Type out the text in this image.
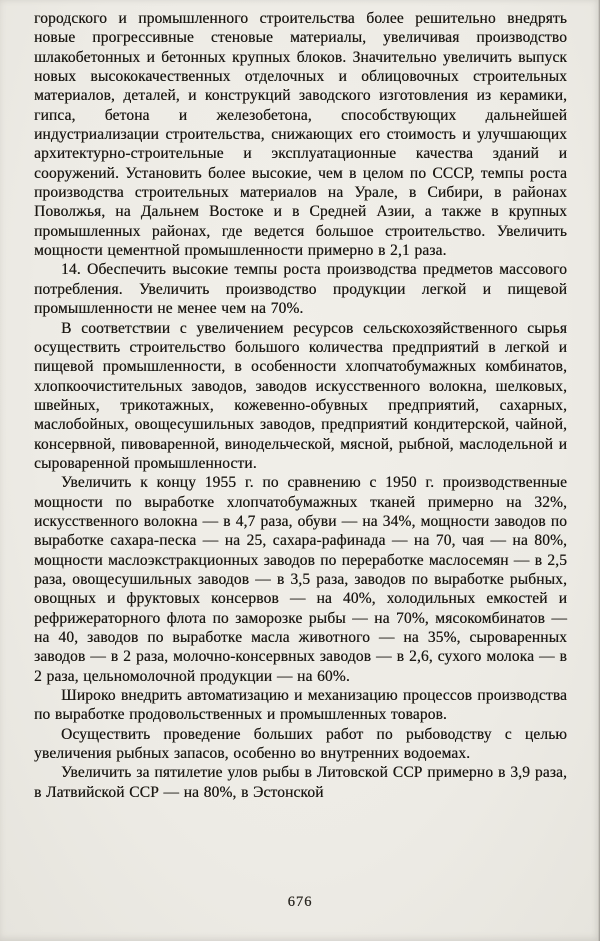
городского и промышленного строительства более решительно внедрять новые прогрессивные стеновые материалы, увеличивая производство шлакобетонных и бетонных крупных блоков. Значительно увеличить выпуск новых высококачественных отделочных и облицовочных строительных материалов, деталей, и конструкций заводского изготовления из керамики, гипса, бетона и железобетона, способствующих дальнейшей индустриализации строительства, снижающих его стоимость и улучшающих архитектурно-строительные и эксплуатационные качества зданий и сооружений. Установить более высокие, чем в целом по СССР, темпы роста производства строительных материалов на Урале, в Сибири, в районах Поволжья, на Дальнем Востоке и в Средней Азии, а также в крупных промышленных районах, где ведется большое строительство. Увеличить мощности цементной промышленности примерно в 2,1 раза.

14. Обеспечить высокие темпы роста производства предметов массового потребления. Увеличить производство продукции легкой и пищевой промышленности не менее чем на 70%.

В соответствии с увеличением ресурсов сельскохозяйственного сырья осуществить строительство большого количества предприятий в легкой и пищевой промышленности, в особенности хлопчатобумажных комбинатов, хлопкоочистительных заводов, заводов искусственного волокна, шелковых, швейных, трикотажных, кожевенно-обувных предприятий, сахарных, маслобойных, овощесушильных заводов, предприятий кондитерской, чайной, консервной, пивоваренной, винодельческой, мясной, рыбной, маслодельной и сыроваренной промышленности.

Увеличить к концу 1955 г. по сравнению с 1950 г. производственные мощности по выработке хлопчатобумажных тканей примерно на 32%, искусственного волокна — в 4,7 раза, обуви — на 34%, мощности заводов по выработке сахара-песка — на 25, сахара-рафинада — на 70, чая — на 80%, мощности маслоэкстракционных заводов по переработке маслосемян — в 2,5 раза, овощесушильных заводов — в 3,5 раза, заводов по выработке рыбных, овощных и фруктовых консервов — на 40%, холодильных емкостей и рефрижераторного флота по заморозке рыбы — на 70%, мясокомбинатов — на 40, заводов по выработке масла животного — на 35%, сыроваренных заводов — в 2 раза, молочно-консервных заводов — в 2,6, сухого молока — в 2 раза, цельномолочной продукции — на 60%.

Широко внедрить автоматизацию и механизацию процессов производства по выработке продовольственных и промышленных товаров.

Осуществить проведение больших работ по рыбоводству с целью увеличения рыбных запасов, особенно во внутренних водоемах.

Увеличить за пятилетие улов рыбы в Литовской ССР примерно в 3,9 раза, в Латвийской ССР — на 80%, в Эстонской

676
